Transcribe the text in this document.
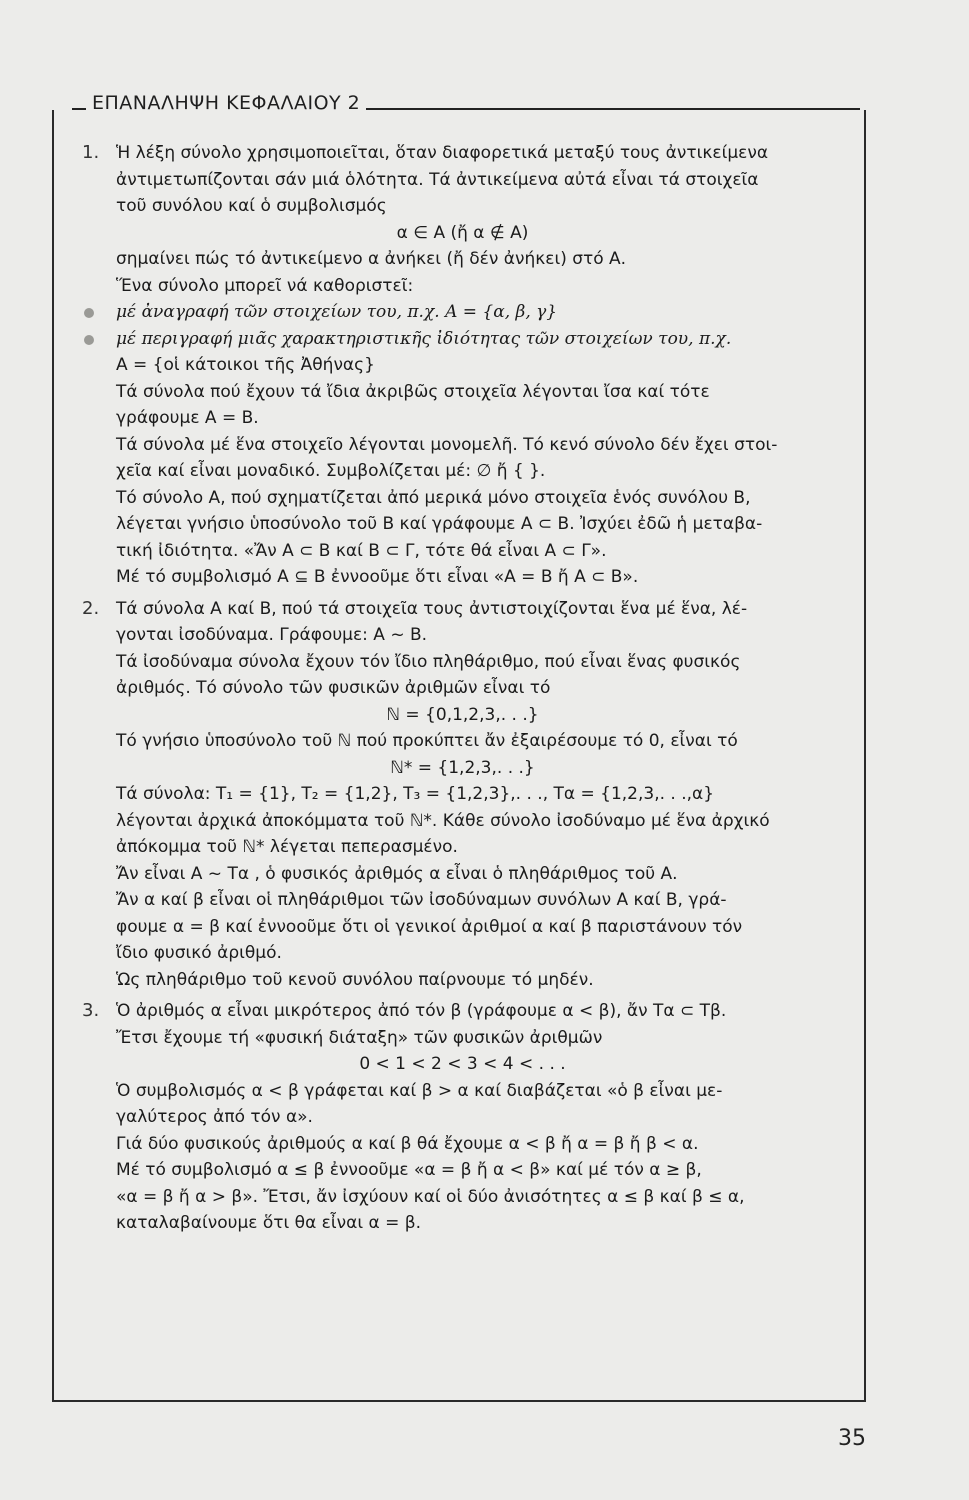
ΕΠΑΝΑΛΗΨΗ ΚΕΦΑΛΑΙΟΥ 2

1. Ἡ λέξη σύνολο χρησιμοποιεῖται, ὅταν διαφορετικά μεταξύ τους ἀντικείμενα

ἀντιμετωπίζονται σάν μιά ὁλότητα. Τά ἀντικείμενα αὐτά εἶναι τά στοιχεῖα

τοῦ συνόλου καί ὁ συμβολισμός

α ∈ Α (ἤ α ∉ Α)

σημαίνει πώς τό ἀντικείμενο α ἀνήκει (ἤ δέν ἀνήκει) στό Α.

Ἕνα σύνολο μπορεῖ νά καθοριστεῖ:

μέ ἀναγραφή τῶν στοιχείων του, π.χ. Α = {α, β, γ}

μέ περιγραφή μιᾶς χαρακτηριστικῆς ἰδιότητας τῶν στοιχείων του, π.χ.

Α = {οἱ κάτοικοι τῆς Ἀθήνας}

Τά σύνολα πού ἔχουν τά ἴδια ἀκριβῶς στοιχεῖα λέγονται ἴσα καί τότε

γράφουμε Α = Β.

Τά σύνολα μέ ἕνα στοιχεῖο λέγονται μονομελῆ. Τό κενό σύνολο δέν ἔχει στοι-

χεῖα καί εἶναι μοναδικό. Συμβολίζεται μέ: ∅ ἤ { }.

Τό σύνολο Α, πού σχηματίζεται ἀπό μερικά μόνο στοιχεῖα ἑνός συνόλου Β,

λέγεται γνήσιο ὑποσύνολο τοῦ Β καί γράφουμε Α ⊂ Β. Ἰσχύει ἐδῶ ἡ μεταβα-

τική ἰδιότητα. «Ἄν Α ⊂ Β καί Β ⊂ Γ, τότε θά εἶναι Α ⊂ Γ».

Μέ τό συμβολισμό Α ⊆ Β ἐννοοῦμε ὅτι εἶναι «Α = Β ἤ Α ⊂ Β».

2. Τά σύνολα Α καί Β, πού τά στοιχεῖα τους ἀντιστοιχίζονται ἕνα μέ ἕνα, λέ-

γονται ἰσοδύναμα. Γράφουμε: Α ~ Β.

Τά ἰσοδύναμα σύνολα ἔχουν τόν ἴδιο πληθάριθμο, πού εἶναι ἕνας φυσικός

ἀριθμός. Τό σύνολο τῶν φυσικῶν ἀριθμῶν εἶναι τό

ℕ = {0,1,2,3,. . .}

Τό γνήσιο ὑποσύνολο τοῦ ℕ πού προκύπτει ἄν ἐξαιρέσουμε τό 0, εἶναι τό

ℕ* = {1,2,3,. . .}

Τά σύνολα: Τ₁ = {1}, Τ₂ = {1,2}, Τ₃ = {1,2,3},. . ., Τα = {1,2,3,. . .,α}

λέγονται ἀρχικά ἀποκόμματα τοῦ ℕ*. Κάθε σύνολο ἰσοδύναμο μέ ἕνα ἀρχικό

ἀπόκομμα τοῦ ℕ* λέγεται πεπερασμένο.

Ἄν εἶναι Α ~ Τα , ὁ φυσικός ἀριθμός α εἶναι ὁ πληθάριθμος τοῦ Α.

Ἄν α καί β εἶναι οἱ πληθάριθμοι τῶν ἰσοδύναμων συνόλων Α καί Β, γρά-

φουμε α = β καί ἐννοοῦμε ὅτι οἱ γενικοί ἀριθμοί α καί β παριστάνουν τόν

ἴδιο φυσικό ἀριθμό.

Ὡς πληθάριθμο τοῦ κενοῦ συνόλου παίρνουμε τό μηδέν.

3. Ὁ ἀριθμός α εἶναι μικρότερος ἀπό τόν β (γράφουμε α < β), ἄν Τα ⊂ Τβ.

Ἔτσι ἔχουμε τή «φυσική διάταξη» τῶν φυσικῶν ἀριθμῶν

0 < 1 < 2 < 3 < 4 < . . .

Ὁ συμβολισμός α < β γράφεται καί β > α καί διαβάζεται «ὁ β εἶναι με-

γαλύτερος ἀπό τόν α».

Γιά δύο φυσικούς ἀριθμούς α καί β θά ἔχουμε α < β ἤ α = β ἤ β < α.

Μέ τό συμβολισμό α ≤ β ἐννοοῦμε «α = β ἤ α < β» καί μέ τόν α ≥ β,

«α = β ἤ α > β». Ἔτσι, ἄν ἰσχύουν καί οἱ δύο ἀνισότητες α ≤ β καί β ≤ α,

καταλαβαίνουμε ὅτι θα εἶναι α = β.

35
